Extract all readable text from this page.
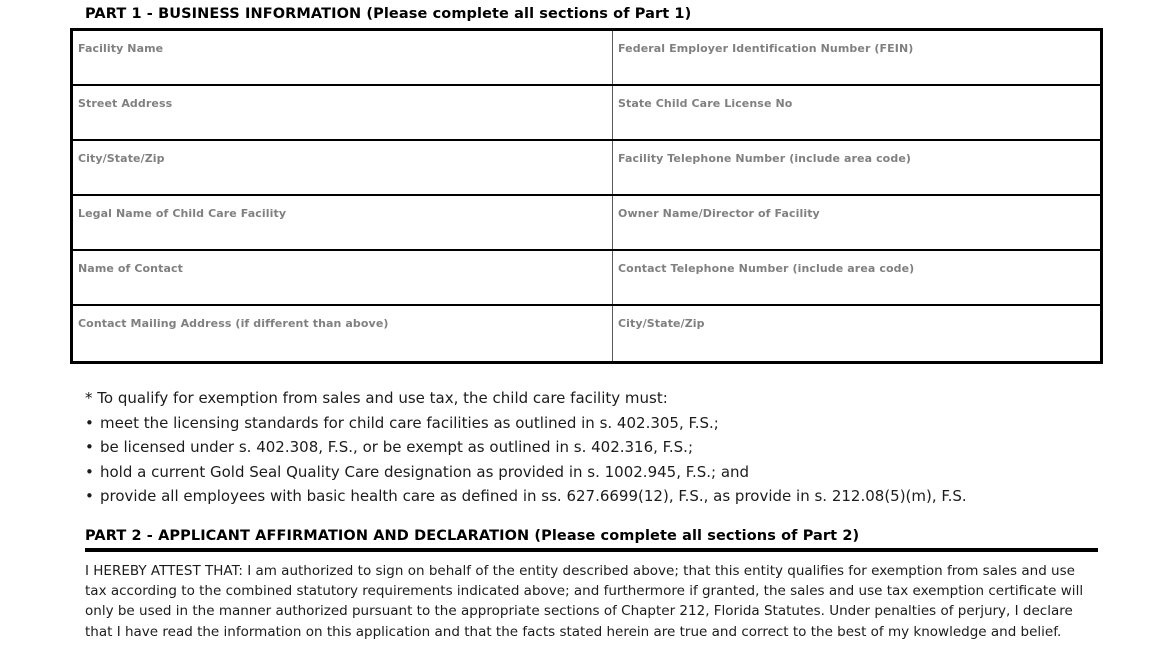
PART 1 - BUSINESS INFORMATION (Please complete all sections of Part 1)
Facility Name	Federal Employer Identification Number (FEIN)
Street Address	State Child Care License No
City/State/Zip	Facility Telephone Number (include area code)
Legal Name of Child Care Facility	Owner Name/Director of Facility
Name of Contact	Contact Telephone Number (include area code)
Contact Mailing Address (if different than above)	City/State/Zip
* To qualify for exemption from sales and use tax, the child care facility must:
• meet the licensing standards for child care facilities as outlined in s. 402.305, F.S.;
• be licensed under s. 402.308, F.S., or be exempt as outlined in s. 402.316, F.S.;
• hold a current Gold Seal Quality Care designation as provided in s. 1002.945, F.S.; and
• provide all employees with basic health care as defined in ss. 627.6699(12), F.S., as provide in s. 212.08(5)(m), F.S.
PART 2 - APPLICANT AFFIRMATION AND DECLARATION (Please complete all sections of Part 2)
I HEREBY ATTEST THAT: I am authorized to sign on behalf of the entity described above; that this entity qualifies for exemption from sales and use tax according to the combined statutory requirements indicated above; and furthermore if granted, the sales and use tax exemption certificate will only be used in the manner authorized pursuant to the appropriate sections of Chapter 212, Florida Statutes. Under penalties of perjury, I declare that I have read the information on this application and that the facts stated herein are true and correct to the best of my knowledge and belief.
